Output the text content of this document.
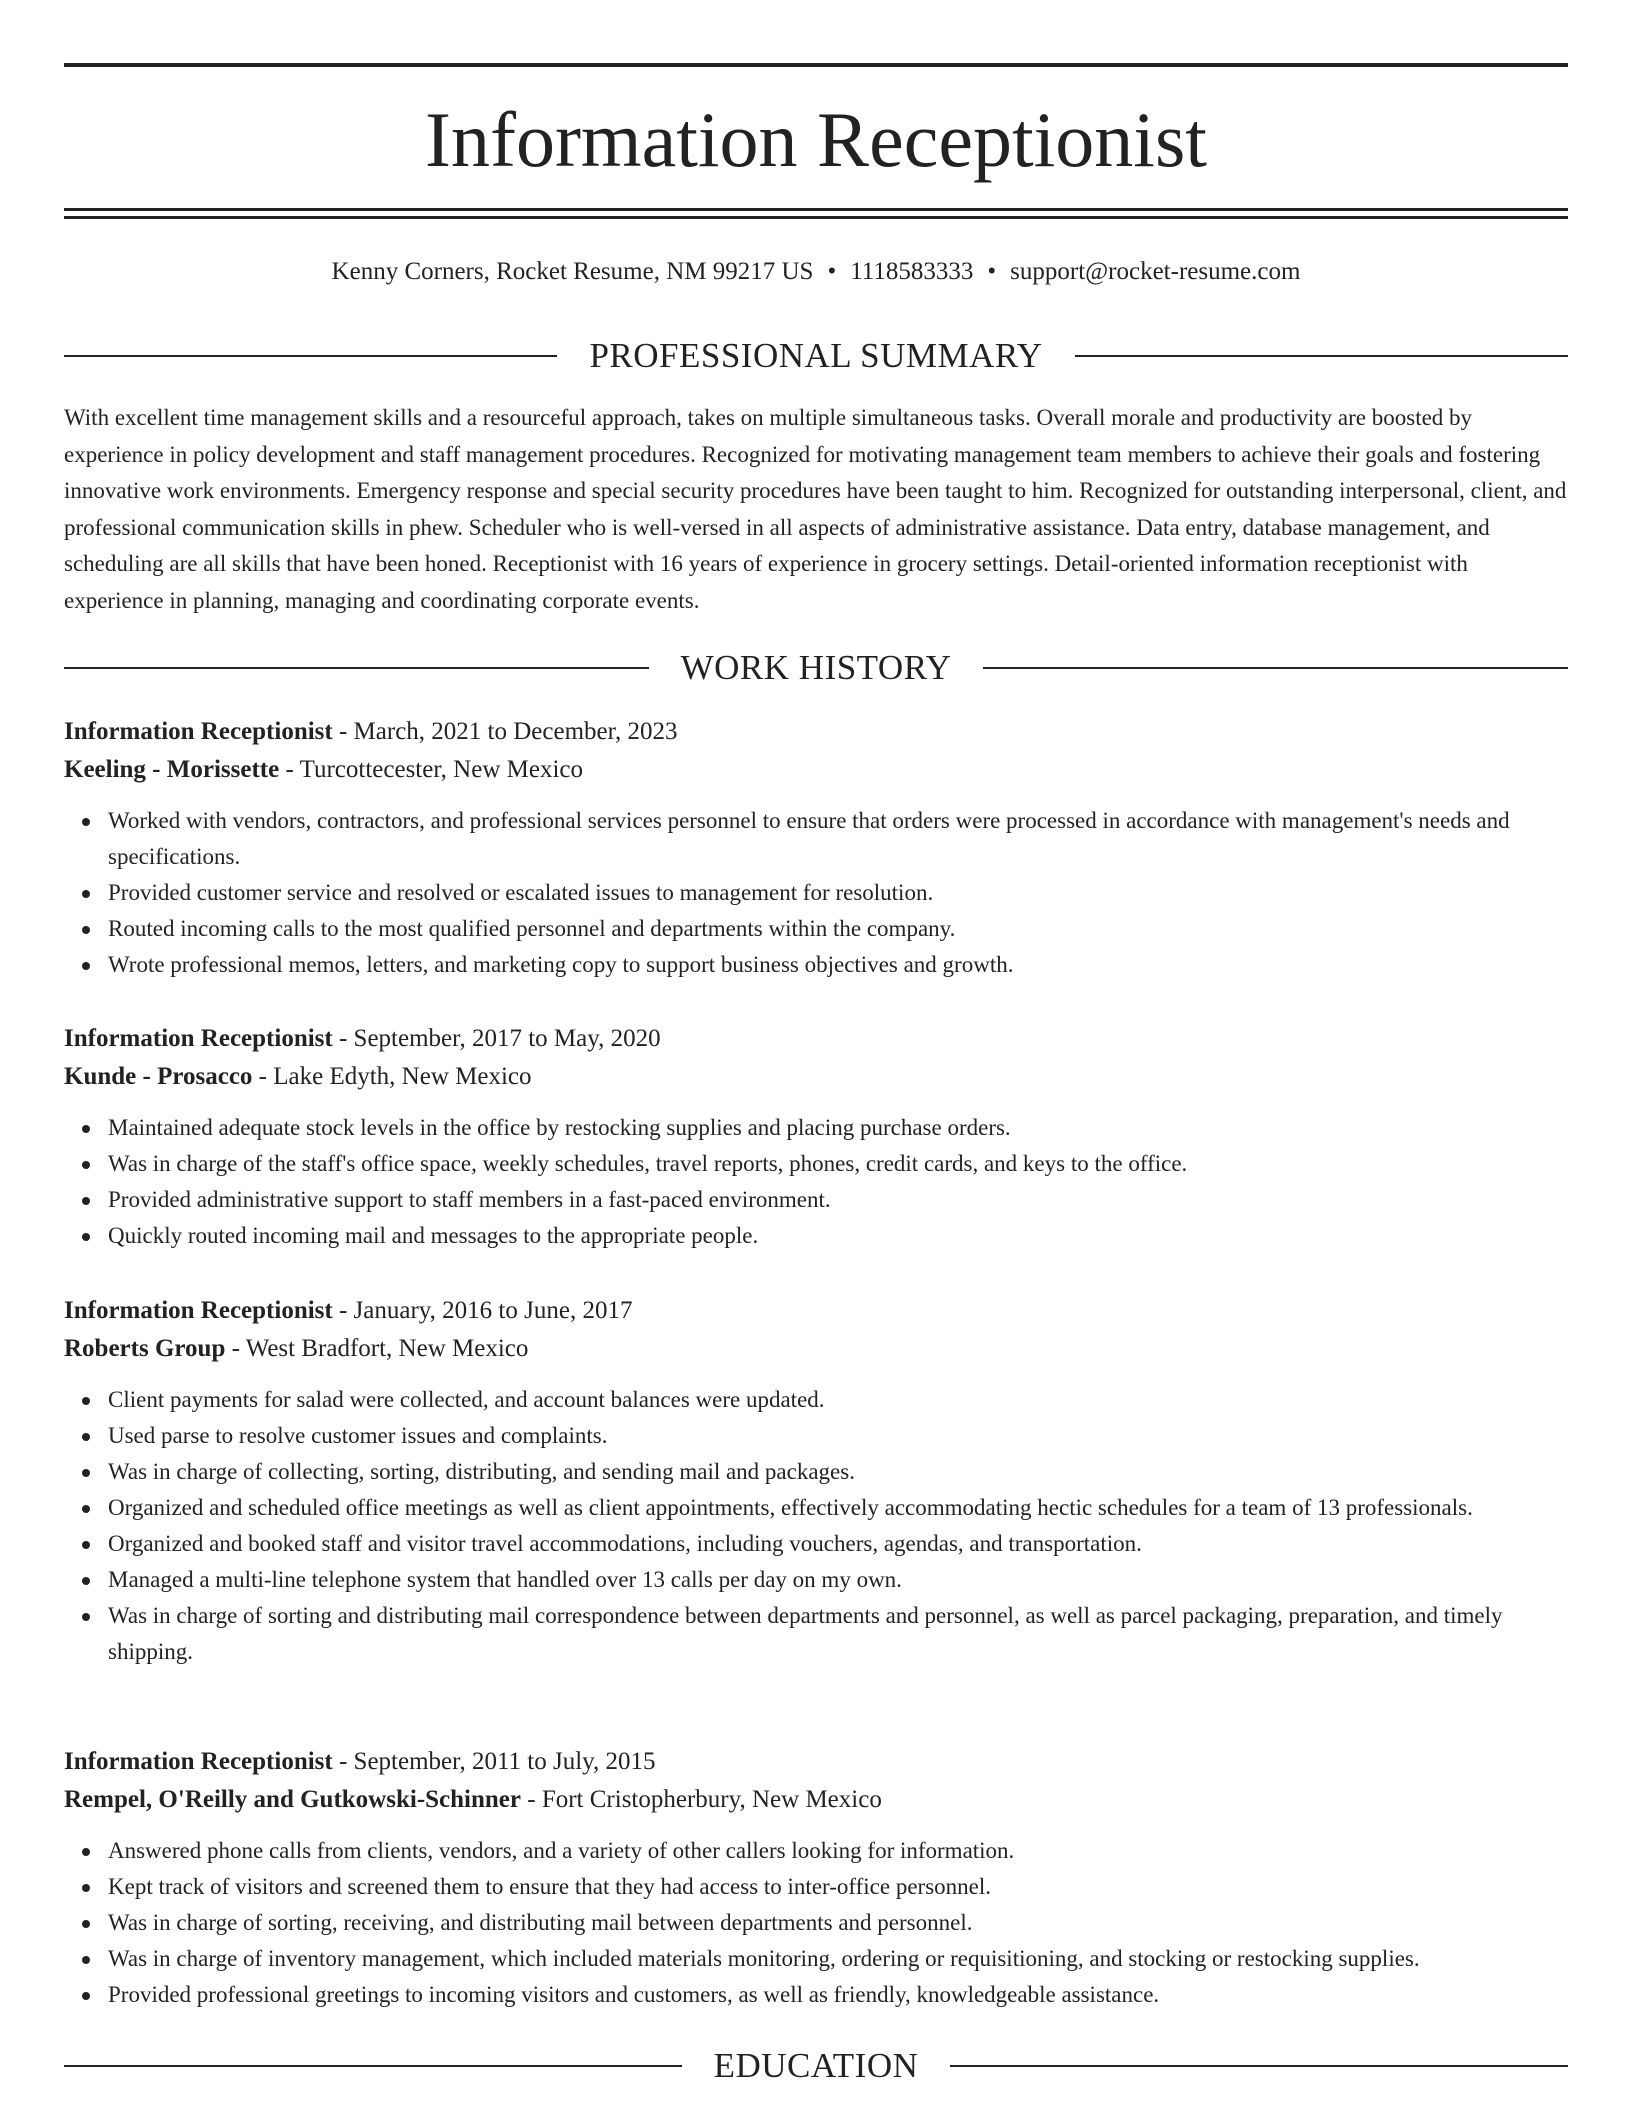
Information Receptionist
Kenny Corners, Rocket Resume, NM 99217 US • 1118583333 • support@rocket-resume.com
PROFESSIONAL SUMMARY

With excellent time management skills and a resourceful approach, takes on multiple simultaneous tasks. Overall morale and productivity are boosted by experience in policy development and staff management procedures. Recognized for motivating management team members to achieve their goals and fostering innovative work environments. Emergency response and special security procedures have been taught to him. Recognized for outstanding interpersonal, client, and professional communication skills in phew. Scheduler who is well-versed in all aspects of administrative assistance. Data entry, database management, and scheduling are all skills that have been honed. Receptionist with 16 years of experience in grocery settings. Detail-oriented information receptionist with experience in planning, managing and coordinating corporate events.

WORK HISTORY

Information Receptionist - March, 2021 to December, 2023

Keeling - Morissette - Turcottecester, New Mexico

Worked with vendors, contractors, and professional services personnel to ensure that orders were processed in accordance with management's needs and specifications.
Provided customer service and resolved or escalated issues to management for resolution.
Routed incoming calls to the most qualified personnel and departments within the company.
Wrote professional memos, letters, and marketing copy to support business objectives and growth.

Information Receptionist - September, 2017 to May, 2020

Kunde - Prosacco - Lake Edyth, New Mexico

Maintained adequate stock levels in the office by restocking supplies and placing purchase orders.
Was in charge of the staff's office space, weekly schedules, travel reports, phones, credit cards, and keys to the office.
Provided administrative support to staff members in a fast-paced environment.
Quickly routed incoming mail and messages to the appropriate people.

Information Receptionist - January, 2016 to June, 2017

Roberts Group - West Bradfort, New Mexico

Client payments for salad were collected, and account balances were updated.
Used parse to resolve customer issues and complaints.
Was in charge of collecting, sorting, distributing, and sending mail and packages.
Organized and scheduled office meetings as well as client appointments, effectively accommodating hectic schedules for a team of 13 professionals.
Organized and booked staff and visitor travel accommodations, including vouchers, agendas, and transportation.
Managed a multi-line telephone system that handled over 13 calls per day on my own.
Was in charge of sorting and distributing mail correspondence between departments and personnel, as well as parcel packaging, preparation, and timely shipping.

Information Receptionist - September, 2011 to July, 2015

Rempel, O'Reilly and Gutkowski-Schinner - Fort Cristopherbury, New Mexico

Answered phone calls from clients, vendors, and a variety of other callers looking for information.
Kept track of visitors and screened them to ensure that they had access to inter-office personnel.
Was in charge of sorting, receiving, and distributing mail between departments and personnel.
Was in charge of inventory management, which included materials monitoring, ordering or requisitioning, and stocking or restocking supplies.
Provided professional greetings to incoming visitors and customers, as well as friendly, knowledgeable assistance.
EDUCATION
